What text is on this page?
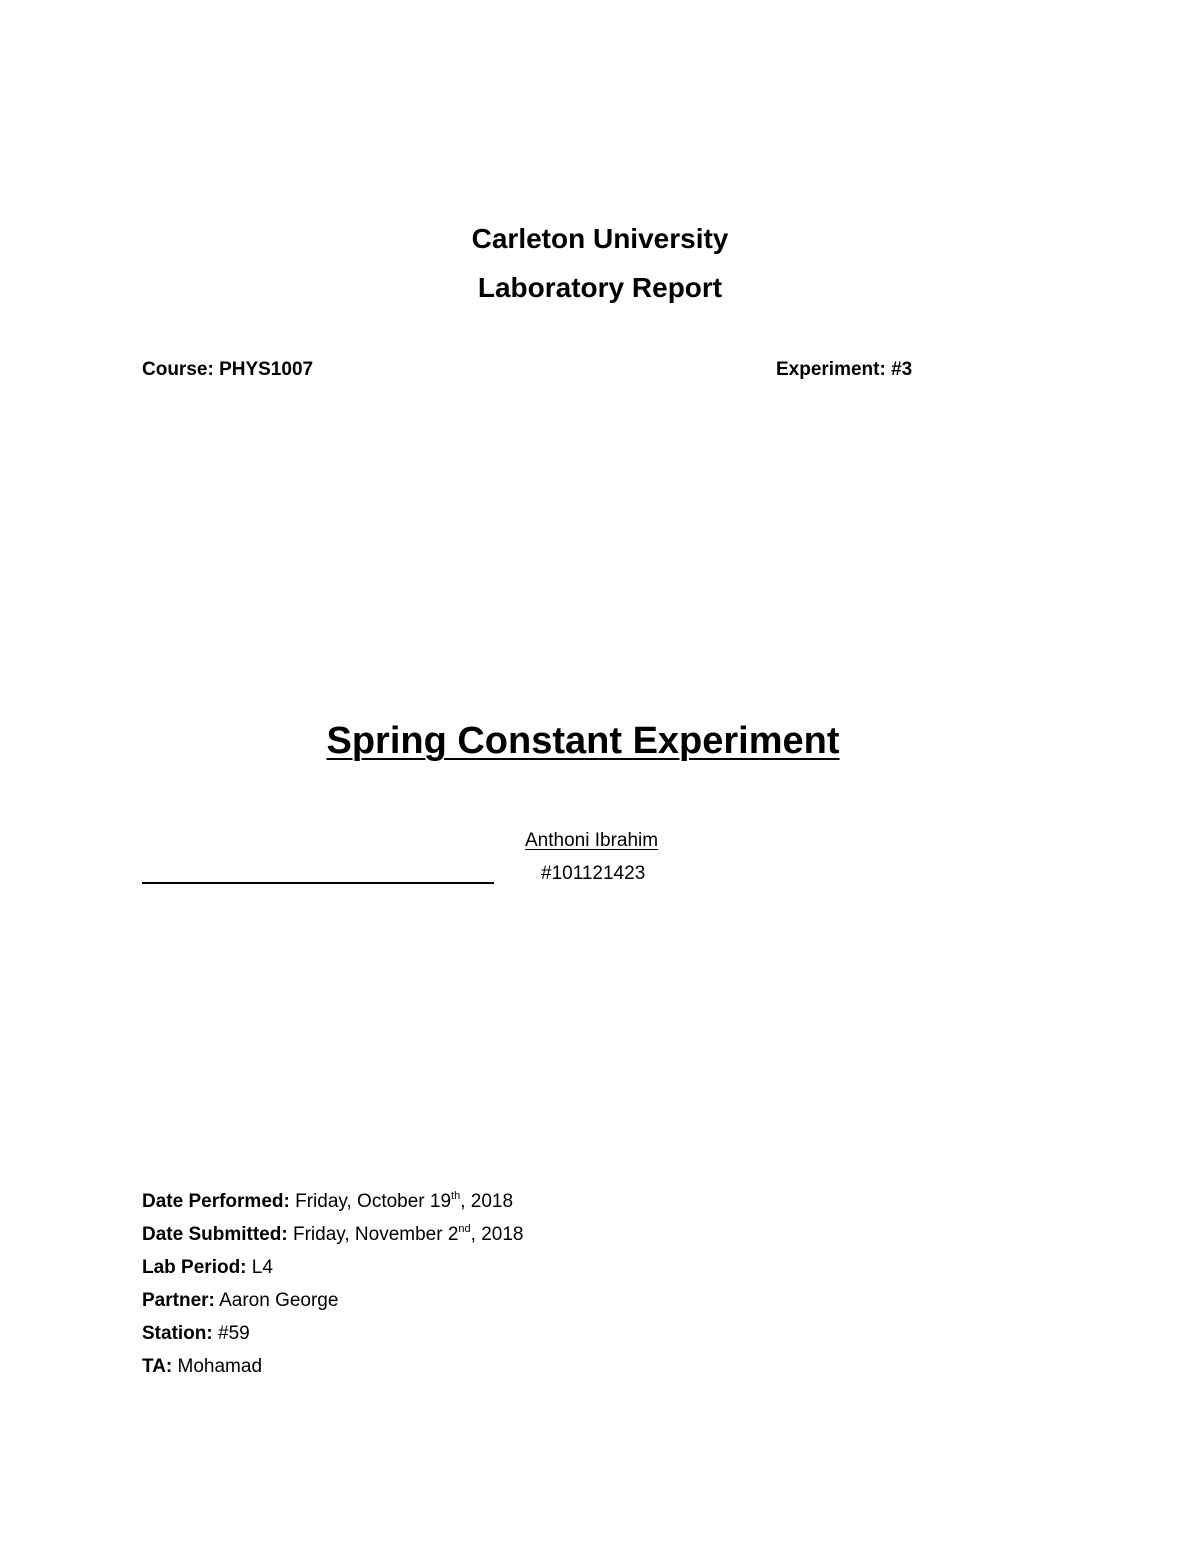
Carleton University
Laboratory Report
Course: PHYS1007	Experiment: #3
Spring Constant Experiment
Anthoni Ibrahim
#101121423
Date Performed: Friday, October 19th, 2018
Date Submitted: Friday, November 2nd, 2018
Lab Period: L4
Partner: Aaron George
Station: #59
TA: Mohamad
